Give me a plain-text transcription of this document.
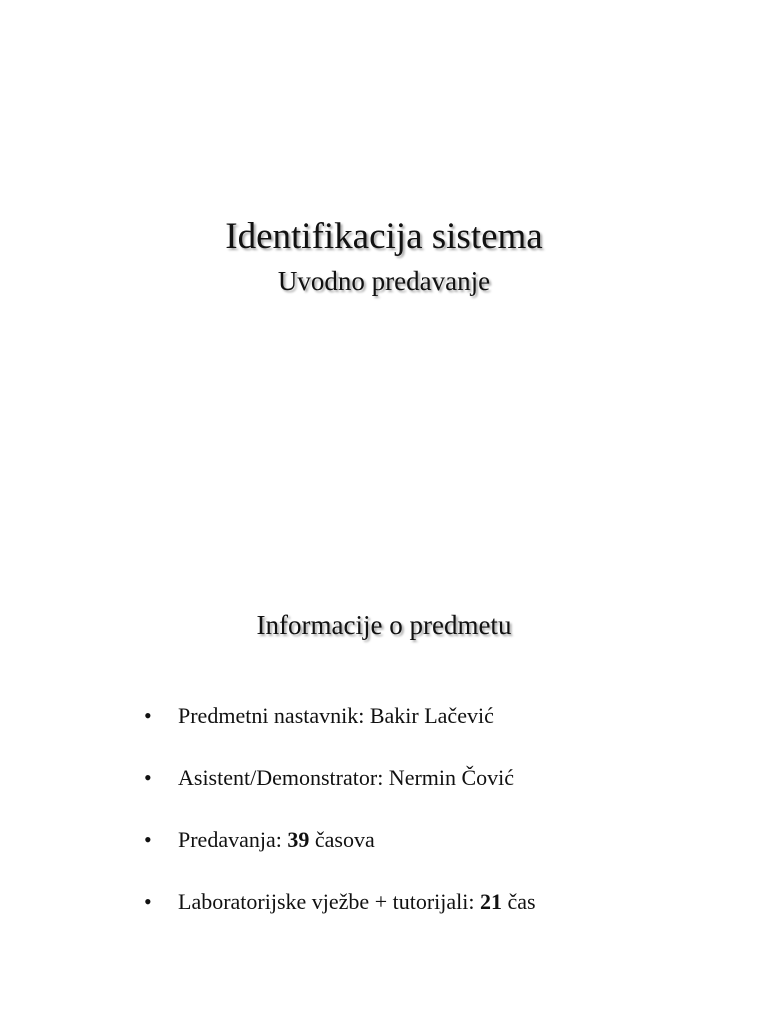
Identifikacija sistema
Uvodno predavanje
Informacije o predmetu
•	Predmetni nastavnik: Bakir Lačević
•	Asistent/Demonstrator: Nermin Čović
•	Predavanja: 39 časova
•	Laboratorijske vježbe + tutorijali: 21 čas
